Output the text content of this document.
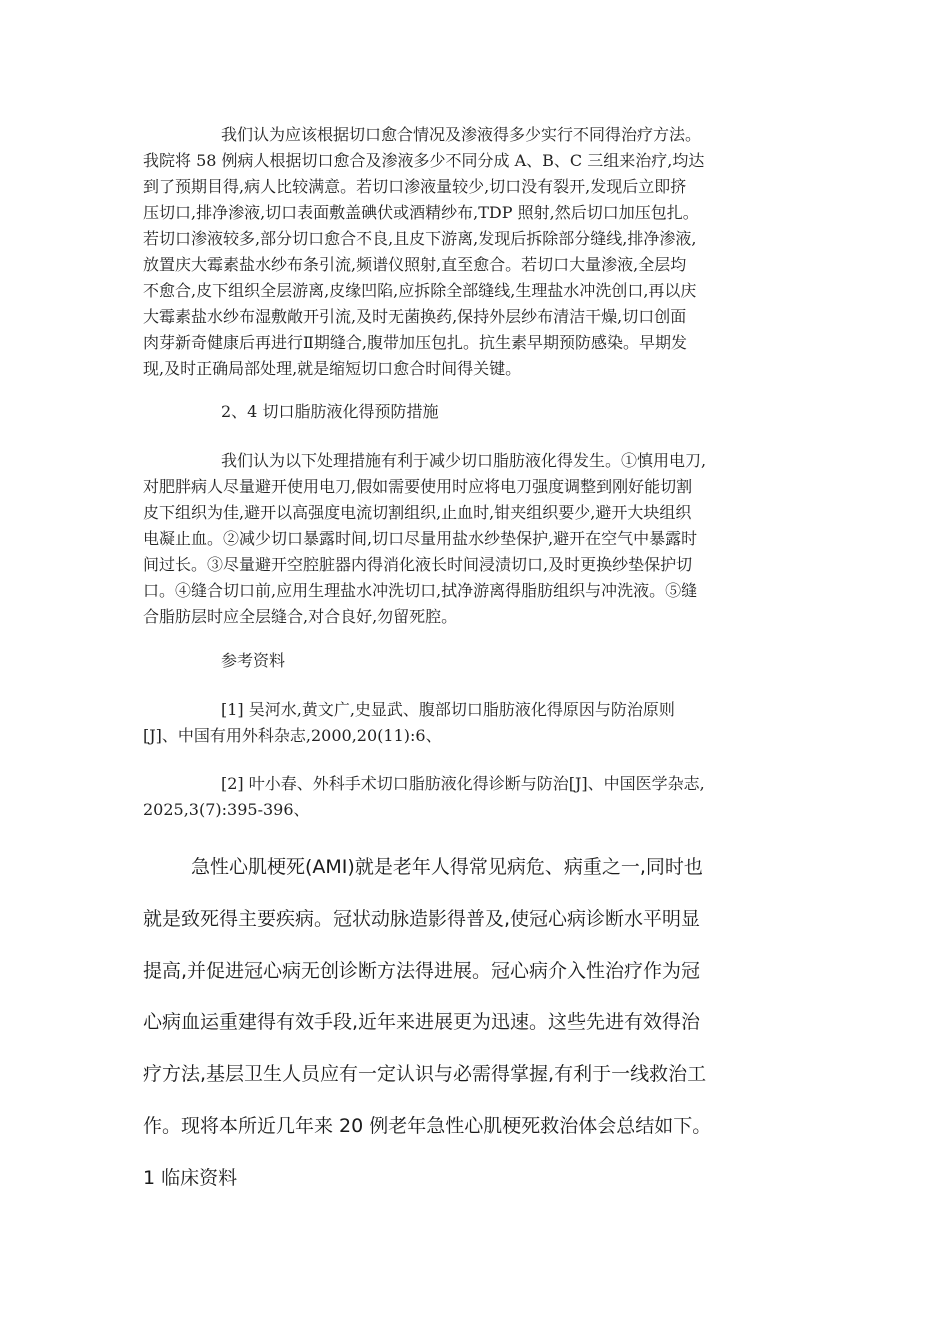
我们认为应该根据切口愈合情况及渗液得多少实行不同得治疗方法。
我院将 58 例病人根据切口愈合及渗液多少不同分成 A、B、C 三组来治疗,均达
到了预期目得,病人比较满意。若切口渗液量较少,切口没有裂开,发现后立即挤
压切口,排净渗液,切口表面敷盖碘伏或酒精纱布,TDP 照射,然后切口加压包扎。
若切口渗液较多,部分切口愈合不良,且皮下游离,发现后拆除部分缝线,排净渗液,
放置庆大霉素盐水纱布条引流,频谱仪照射,直至愈合。若切口大量渗液,全层均
不愈合,皮下组织全层游离,皮缘凹陷,应拆除全部缝线,生理盐水冲洗创口,再以庆
大霉素盐水纱布湿敷敞开引流,及时无菌换药,保持外层纱布清洁干燥,切口创面
肉芽新奇健康后再进行Ⅱ期缝合,腹带加压包扎。抗生素早期预防感染。早期发
现,及时正确局部处理,就是缩短切口愈合时间得关键。
2、4 切口脂肪液化得预防措施
我们认为以下处理措施有利于减少切口脂肪液化得发生。①慎用电刀,
对肥胖病人尽量避开使用电刀,假如需要使用时应将电刀强度调整到刚好能切割
皮下组织为佳,避开以高强度电流切割组织,止血时,钳夹组织要少,避开大块组织
电凝止血。②减少切口暴露时间,切口尽量用盐水纱垫保护,避开在空气中暴露时
间过长。③尽量避开空腔脏器内得消化液长时间浸渍切口,及时更换纱垫保护切
口。④缝合切口前,应用生理盐水冲洗切口,拭净游离得脂肪组织与冲洗液。⑤缝
合脂肪层时应全层缝合,对合良好,勿留死腔。
参考资料
[1] 吴河水,黄文广,史显武、腹部切口脂肪液化得原因与防治原则
[J]、中国有用外科杂志,2000,20(11):6、
[2] 叶小春、外科手术切口脂肪液化得诊断与防治[J]、中国医学杂志,
2025,3(7):395-396、
急性心肌梗死(AMI)就是老年人得常见病危、病重之一,同时也
就是致死得主要疾病。冠状动脉造影得普及,使冠心病诊断水平明显
提高,并促进冠心病无创诊断方法得进展。冠心病介入性治疗作为冠
心病血运重建得有效手段,近年来进展更为迅速。这些先进有效得治
疗方法,基层卫生人员应有一定认识与必需得掌握,有利于一线救治工
作。现将本所近几年来 20 例老年急性心肌梗死救治体会总结如下。
1 临床资料
